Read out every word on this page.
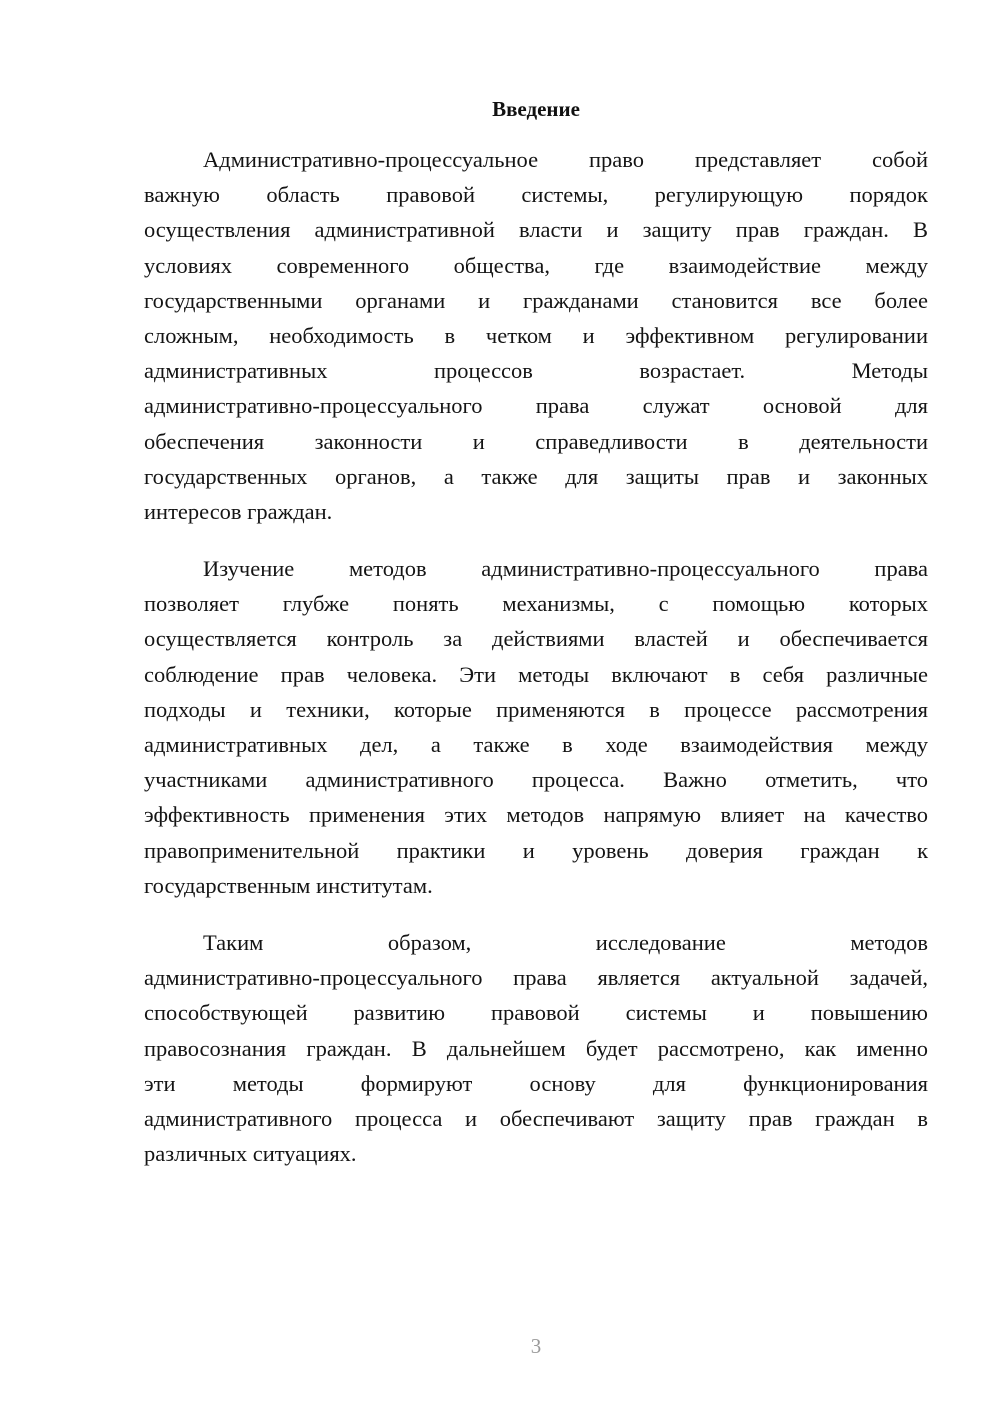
Введение
Административно-процессуальное право представляет собой
важную область правовой системы, регулирующую порядок
осуществления административной власти и защиту прав граждан. В
условиях современного общества, где взаимодействие между
государственными органами и гражданами становится все более
сложным, необходимость в четком и эффективном регулировании
административных процессов возрастает. Методы
административно-процессуального права служат основой для
обеспечения законности и справедливости в деятельности
государственных органов, а также для защиты прав и законных
интересов граждан.
Изучение методов административно-процессуального права
позволяет глубже понять механизмы, с помощью которых
осуществляется контроль за действиями властей и обеспечивается
соблюдение прав человека. Эти методы включают в себя различные
подходы и техники, которые применяются в процессе рассмотрения
административных дел, а также в ходе взаимодействия между
участниками административного процесса. Важно отметить, что
эффективность применения этих методов напрямую влияет на качество
правоприменительной практики и уровень доверия граждан к
государственным институтам.
Таким образом, исследование методов
административно-процессуального права является актуальной задачей,
способствующей развитию правовой системы и повышению
правосознания граждан. В дальнейшем будет рассмотрено, как именно
эти методы формируют основу для функционирования
административного процесса и обеспечивают защиту прав граждан в
различных ситуациях.

3
